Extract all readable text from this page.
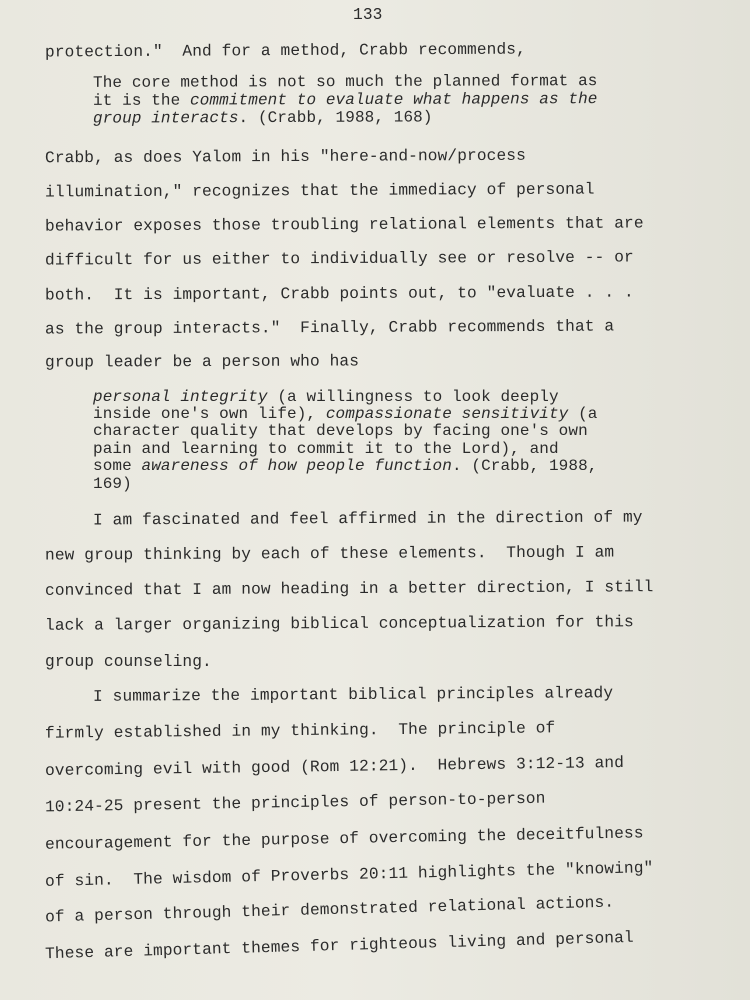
133
protection."  And for a method, Crabb recommends,
The core method is not so much the planned format as
it is the commitment to evaluate what happens as the
group interacts. (Crabb, 1988, 168)
Crabb, as does Yalom in his "here-and-now/process
illumination," recognizes that the immediacy of personal
behavior exposes those troubling relational elements that are
difficult for us either to individually see or resolve -- or
both.  It is important, Crabb points out, to "evaluate . . .
as the group interacts."  Finally, Crabb recommends that a
group leader be a person who has
personal integrity (a willingness to look deeply
inside one's own life), compassionate sensitivity (a
character quality that develops by facing one's own
pain and learning to commit it to the Lord), and
some awareness of how people function. (Crabb, 1988,
169)
I am fascinated and feel affirmed in the direction of my
new group thinking by each of these elements.  Though I am
convinced that I am now heading in a better direction, I still
lack a larger organizing biblical conceptualization for this
group counseling.
I summarize the important biblical principles already
firmly established in my thinking.  The principle of
overcoming evil with good (Rom 12:21).  Hebrews 3:12-13 and
10:24-25 present the principles of person-to-person
encouragement for the purpose of overcoming the deceitfulness
of sin.  The wisdom of Proverbs 20:11 highlights the "knowing"
of a person through their demonstrated relational actions.
These are important themes for righteous living and personal
